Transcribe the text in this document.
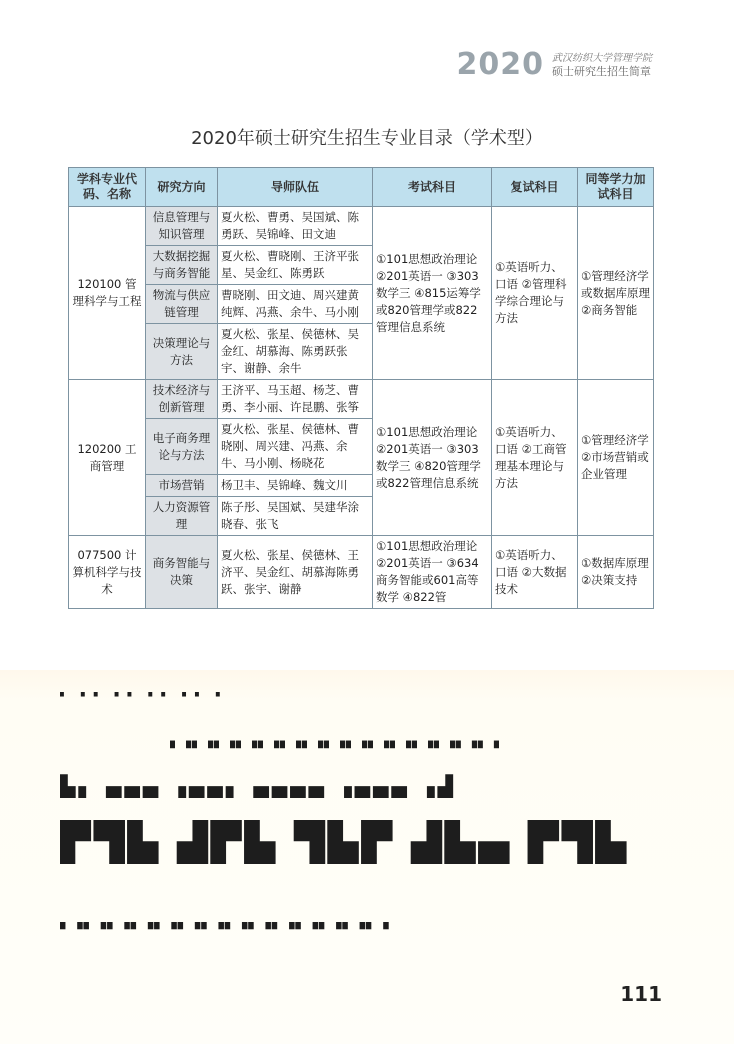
2020 武汉纺织大学管理学院
硕士研究生招生简章
2020年硕士研究生招生专业目录（学术型）
学科专业代码、名称	研究方向	导师队伍	考试科目	复试科目	同等学力加试科目
120100 管理科学与工程	信息管理与知识管理	夏火松、曹勇、吴国斌、陈勇跃、吴锦峰、田文迪	①101思想政治理论 ②201英语一 ③303数学三 ④815运筹学或820管理学或822管理信息系统	①英语听力、口语 ②管理科学综合理论与方法	①管理经济学或数据库原理 ②商务智能
	大数据挖掘与商务智能	夏火松、曹晓刚、王济平张星、吴金红、陈勇跃			
	物流与供应链管理	曹晓刚、田文迪、周兴建黄纯辉、冯燕、余牛、马小刚			
	决策理论与方法	夏火松、张星、侯德林、吴金红、胡慕海、陈勇跃张宇、谢静、余牛			
120200 工商管理	技术经济与创新管理	王济平、马玉超、杨芝、曹勇、李小丽、许昆鹏、张筝	①101思想政治理论 ②201英语一 ③303数学三 ④820管理学或822管理信息系统	①英语听力、口语 ②工商管理基本理论与方法	①管理经济学 ②市场营销或企业管理
	电子商务理论与方法	夏火松、张星、侯德林、曹晓刚、周兴建、冯燕、余牛、马小刚、杨晓花			
	市场营销	杨卫丰、吴锦峰、魏文川			
	人力资源管理	陈子彤、吴国斌、吴建华涂晓春、张飞			
077500 计算机科学与技术	商务智能与决策	夏火松、张星、侯德林、王济平、吴金红、胡慕海陈勇跃、张宇、谢静	①101思想政治理论 ②201英语一 ③634商务智能或601高等数学 ④822管	①英语听力、口语 ②大数据技术	①数据库原理 ②决策支持
▘ ▝ ▘ ▝ ▘ ▝ ▘ ▝ ▘ ▝
▖▗▖▗▖▗▖▗▖▗▖▗▖▗▖▗▖▗▖▗▖▗▖▗▖▗▖▗▖▗
▙▖ ▄▄▄ ▗▄▄▖ ▄▄▄▄ ▗▄▄▄ ▗▟
▛▜▙ ▟▛▙ ▜▙▛ ▟▙▄ ▛▜▙
▘▝▘▝▘▝▘▝▘▝▘▝▘▝▘▝▘▝▘▝▘▝▘▝▘▝▘▝
111
